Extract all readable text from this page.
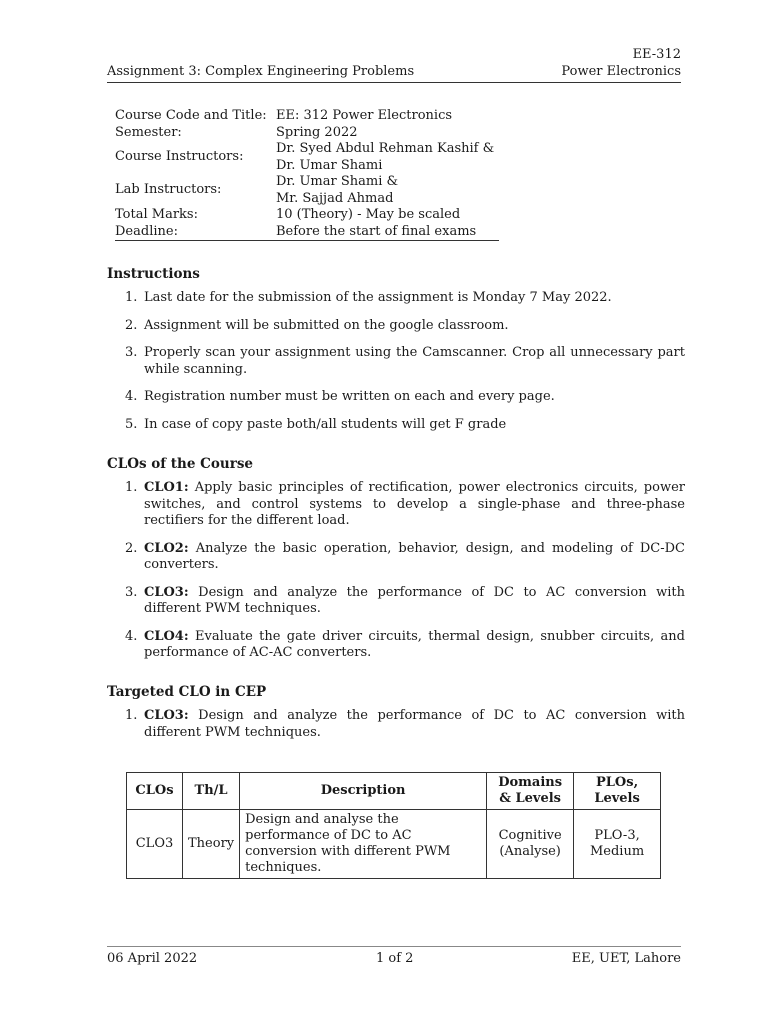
EE-312
Assignment 3: Complex Engineering Problems	Power Electronics
Course Code and Title: EE: 312 Power Electronics
Semester:	Spring 2022
Course Instructors:
Dr. Syed Abdul Rehman Kashif &
Dr. Umar Shami
Lab Instructors:
Dr. Umar Shami &
Mr. Sajjad Ahmad
Total Marks:	10 (Theory) - May be scaled
Deadline:	Before the start of final exams
Instructions
1. Last date for the submission of the assignment is Monday 7 May 2022.
2. Assignment will be submitted on the google classroom.
3. Properly scan your assignment using the Camscanner. Crop all unnecessary part while scanning.
4. Registration number must be written on each and every page.
5. In case of copy paste both/all students will get F grade
CLOs of the Course
1. CLO1: Apply basic principles of rectification, power electronics circuits, power switches, and control systems to develop a single-phase and three-phase rectifiers for the different load.
2. CLO2: Analyze the basic operation, behavior, design, and modeling of DC-DC converters.
3. CLO3: Design and analyze the performance of DC to AC conversion with different PWM techniques.
4. CLO4: Evaluate the gate driver circuits, thermal design, snubber circuits, and performance of AC-AC converters.
Targeted CLO in CEP
1. CLO3: Design and analyze the performance of DC to AC conversion with different PWM techniques.
CLOs	Th/L	Description	Domains & Levels	PLOs, Levels
CLO3	Theory	Design and analyse the performance of DC to AC conversion with different PWM techniques.	Cognitive (Analyse)	PLO-3, Medium
06 April 2022	1 of 2	EE, UET, Lahore
